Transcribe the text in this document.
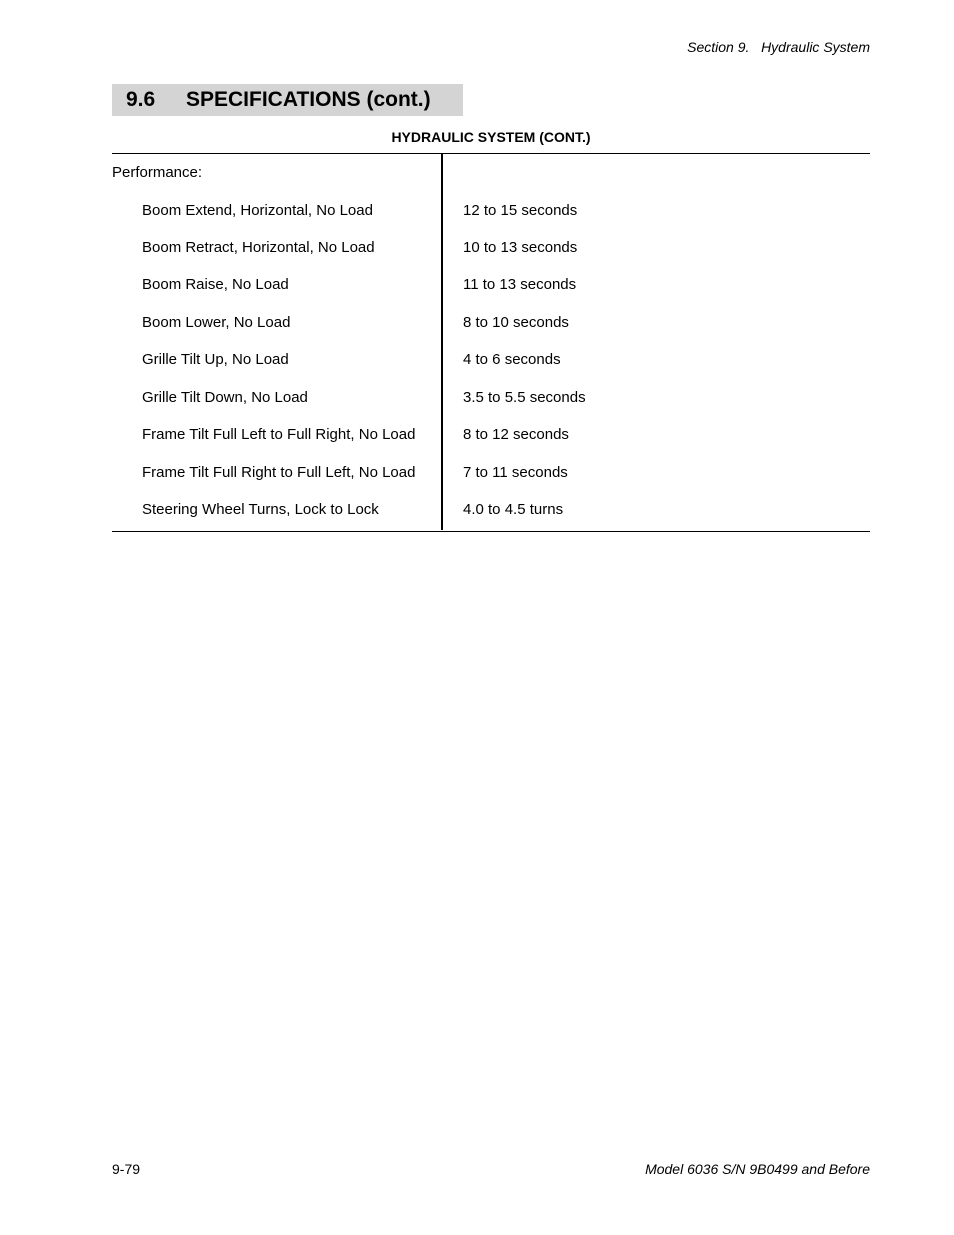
Section 9.   Hydraulic System
9.6	SPECIFICATIONS (cont.)
HYDRAULIC SYSTEM (CONT.)
Performance:
Boom Extend, Horizontal, No Load	12 to 15 seconds
Boom Retract, Horizontal, No Load	10 to 13 seconds
Boom Raise, No Load	11 to 13 seconds
Boom Lower, No Load	8 to 10 seconds
Grille Tilt Up, No Load	4 to 6 seconds
Grille Tilt Down, No Load	3.5 to 5.5 seconds
Frame Tilt Full Left to Full Right, No Load	8 to 12 seconds
Frame Tilt Full Right to Full Left, No Load	7 to 11 seconds
Steering Wheel Turns, Lock to Lock	4.0 to 4.5 turns
9-79	Model 6036 S/N 9B0499 and Before
